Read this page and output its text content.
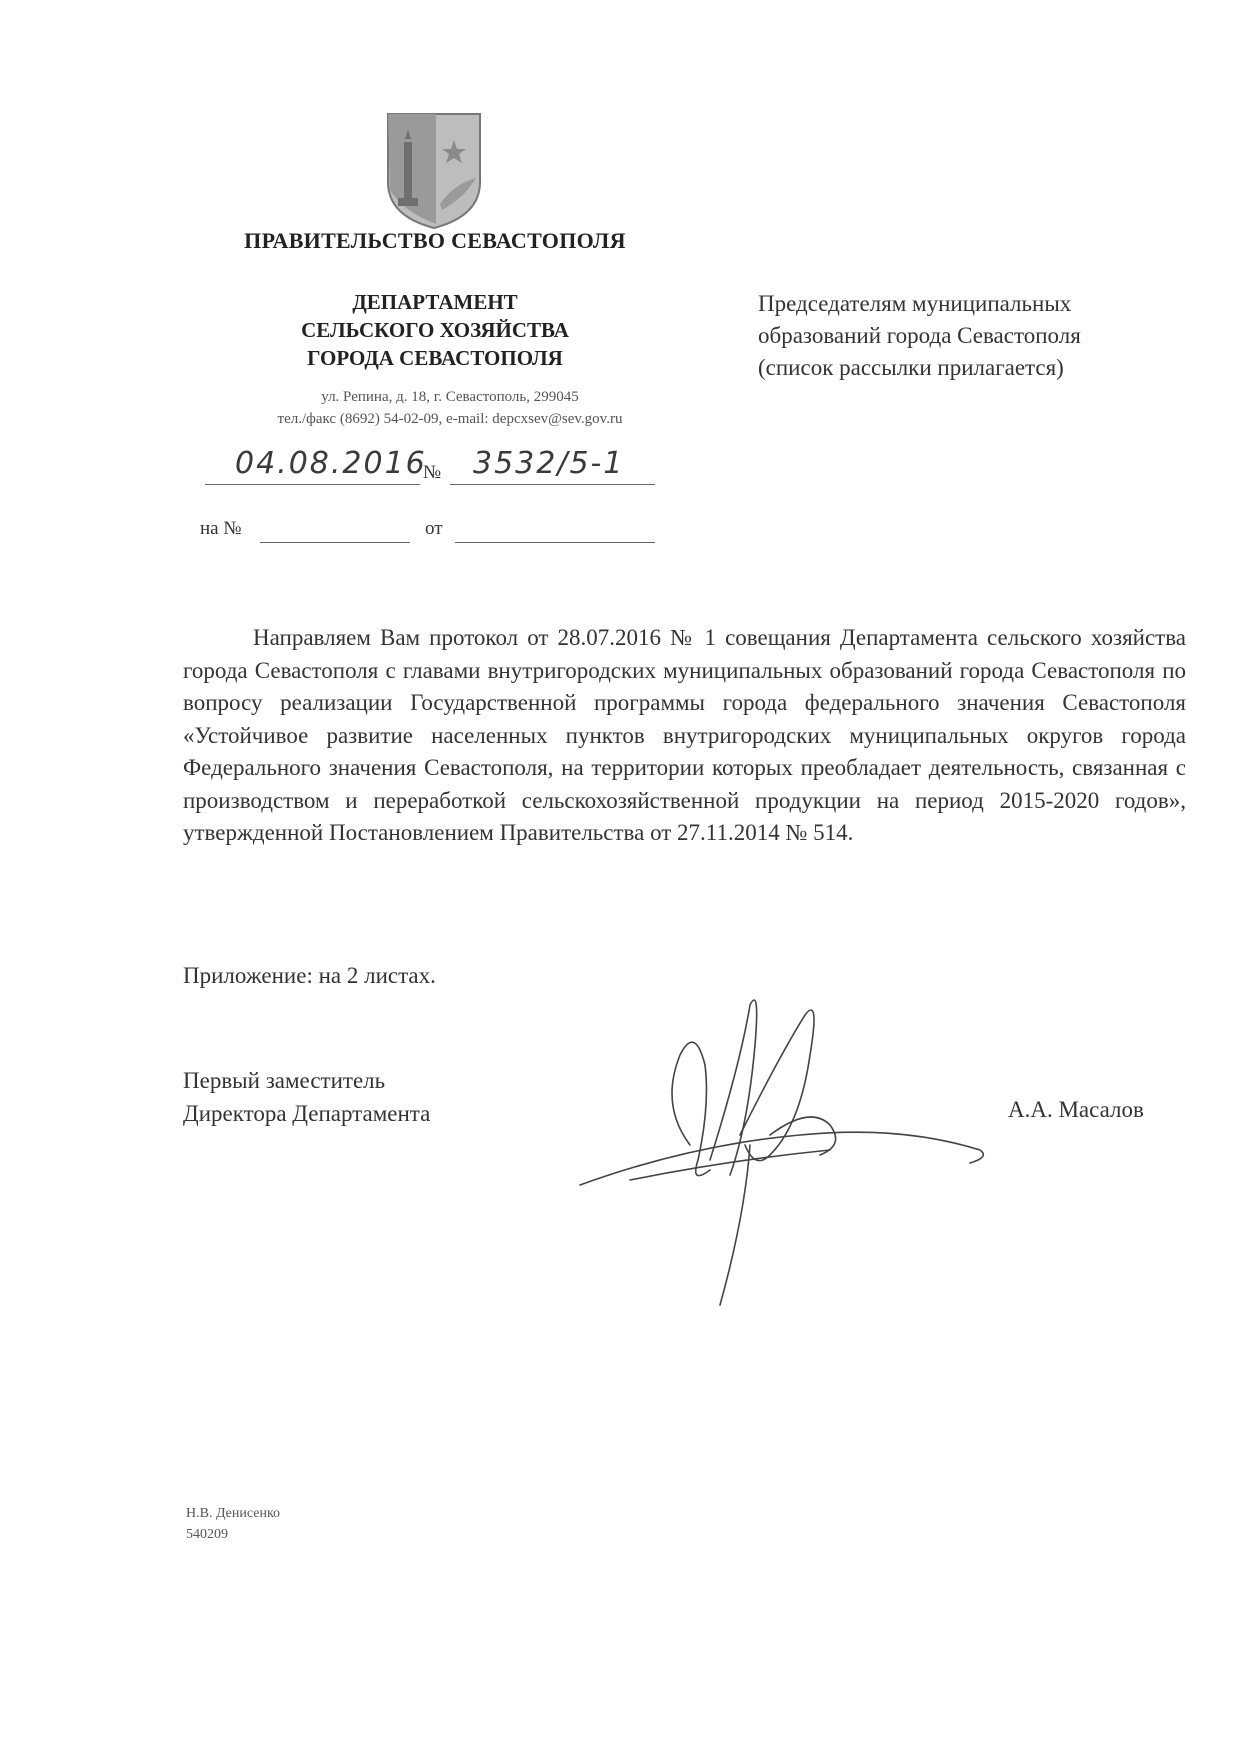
ПРАВИТЕЛЬСТВО СЕВАСТОПОЛЯ
ДЕПАРТАМЕНТ
СЕЛЬСКОГО ХОЗЯЙСТВА
ГОРОДА СЕВАСТОПОЛЯ
ул. Репина, д. 18, г. Севастополь, 299045
тел./факс (8692) 54-02-09, e-mail: depcxsev@sev.gov.ru
04.08.2016
№ 3532/5-1
на №	от
Председателям муниципальных
образований города Севастополя
(список рассылки прилагается)
Направляем Вам протокол от 28.07.2016 № 1 совещания Департамента сельского хозяйства города Севастополя с главами внутригородских муниципальных образований города Севастополя по вопросу реализации Государственной программы города федерального значения Севастополя «Устойчивое развитие населенных пунктов внутригородских муниципальных округов города Федерального значения Севастополя, на территории которых преобладает деятельность, связанная с производством и переработкой сельскохозяйственной продукции на период 2015-2020 годов», утвержденной Постановлением Правительства от 27.11.2014 № 514.
Приложение: на 2 листах.
Первый заместитель
Директора Департамента	А.А. Масалов
Н.В. Денисенко
540209
